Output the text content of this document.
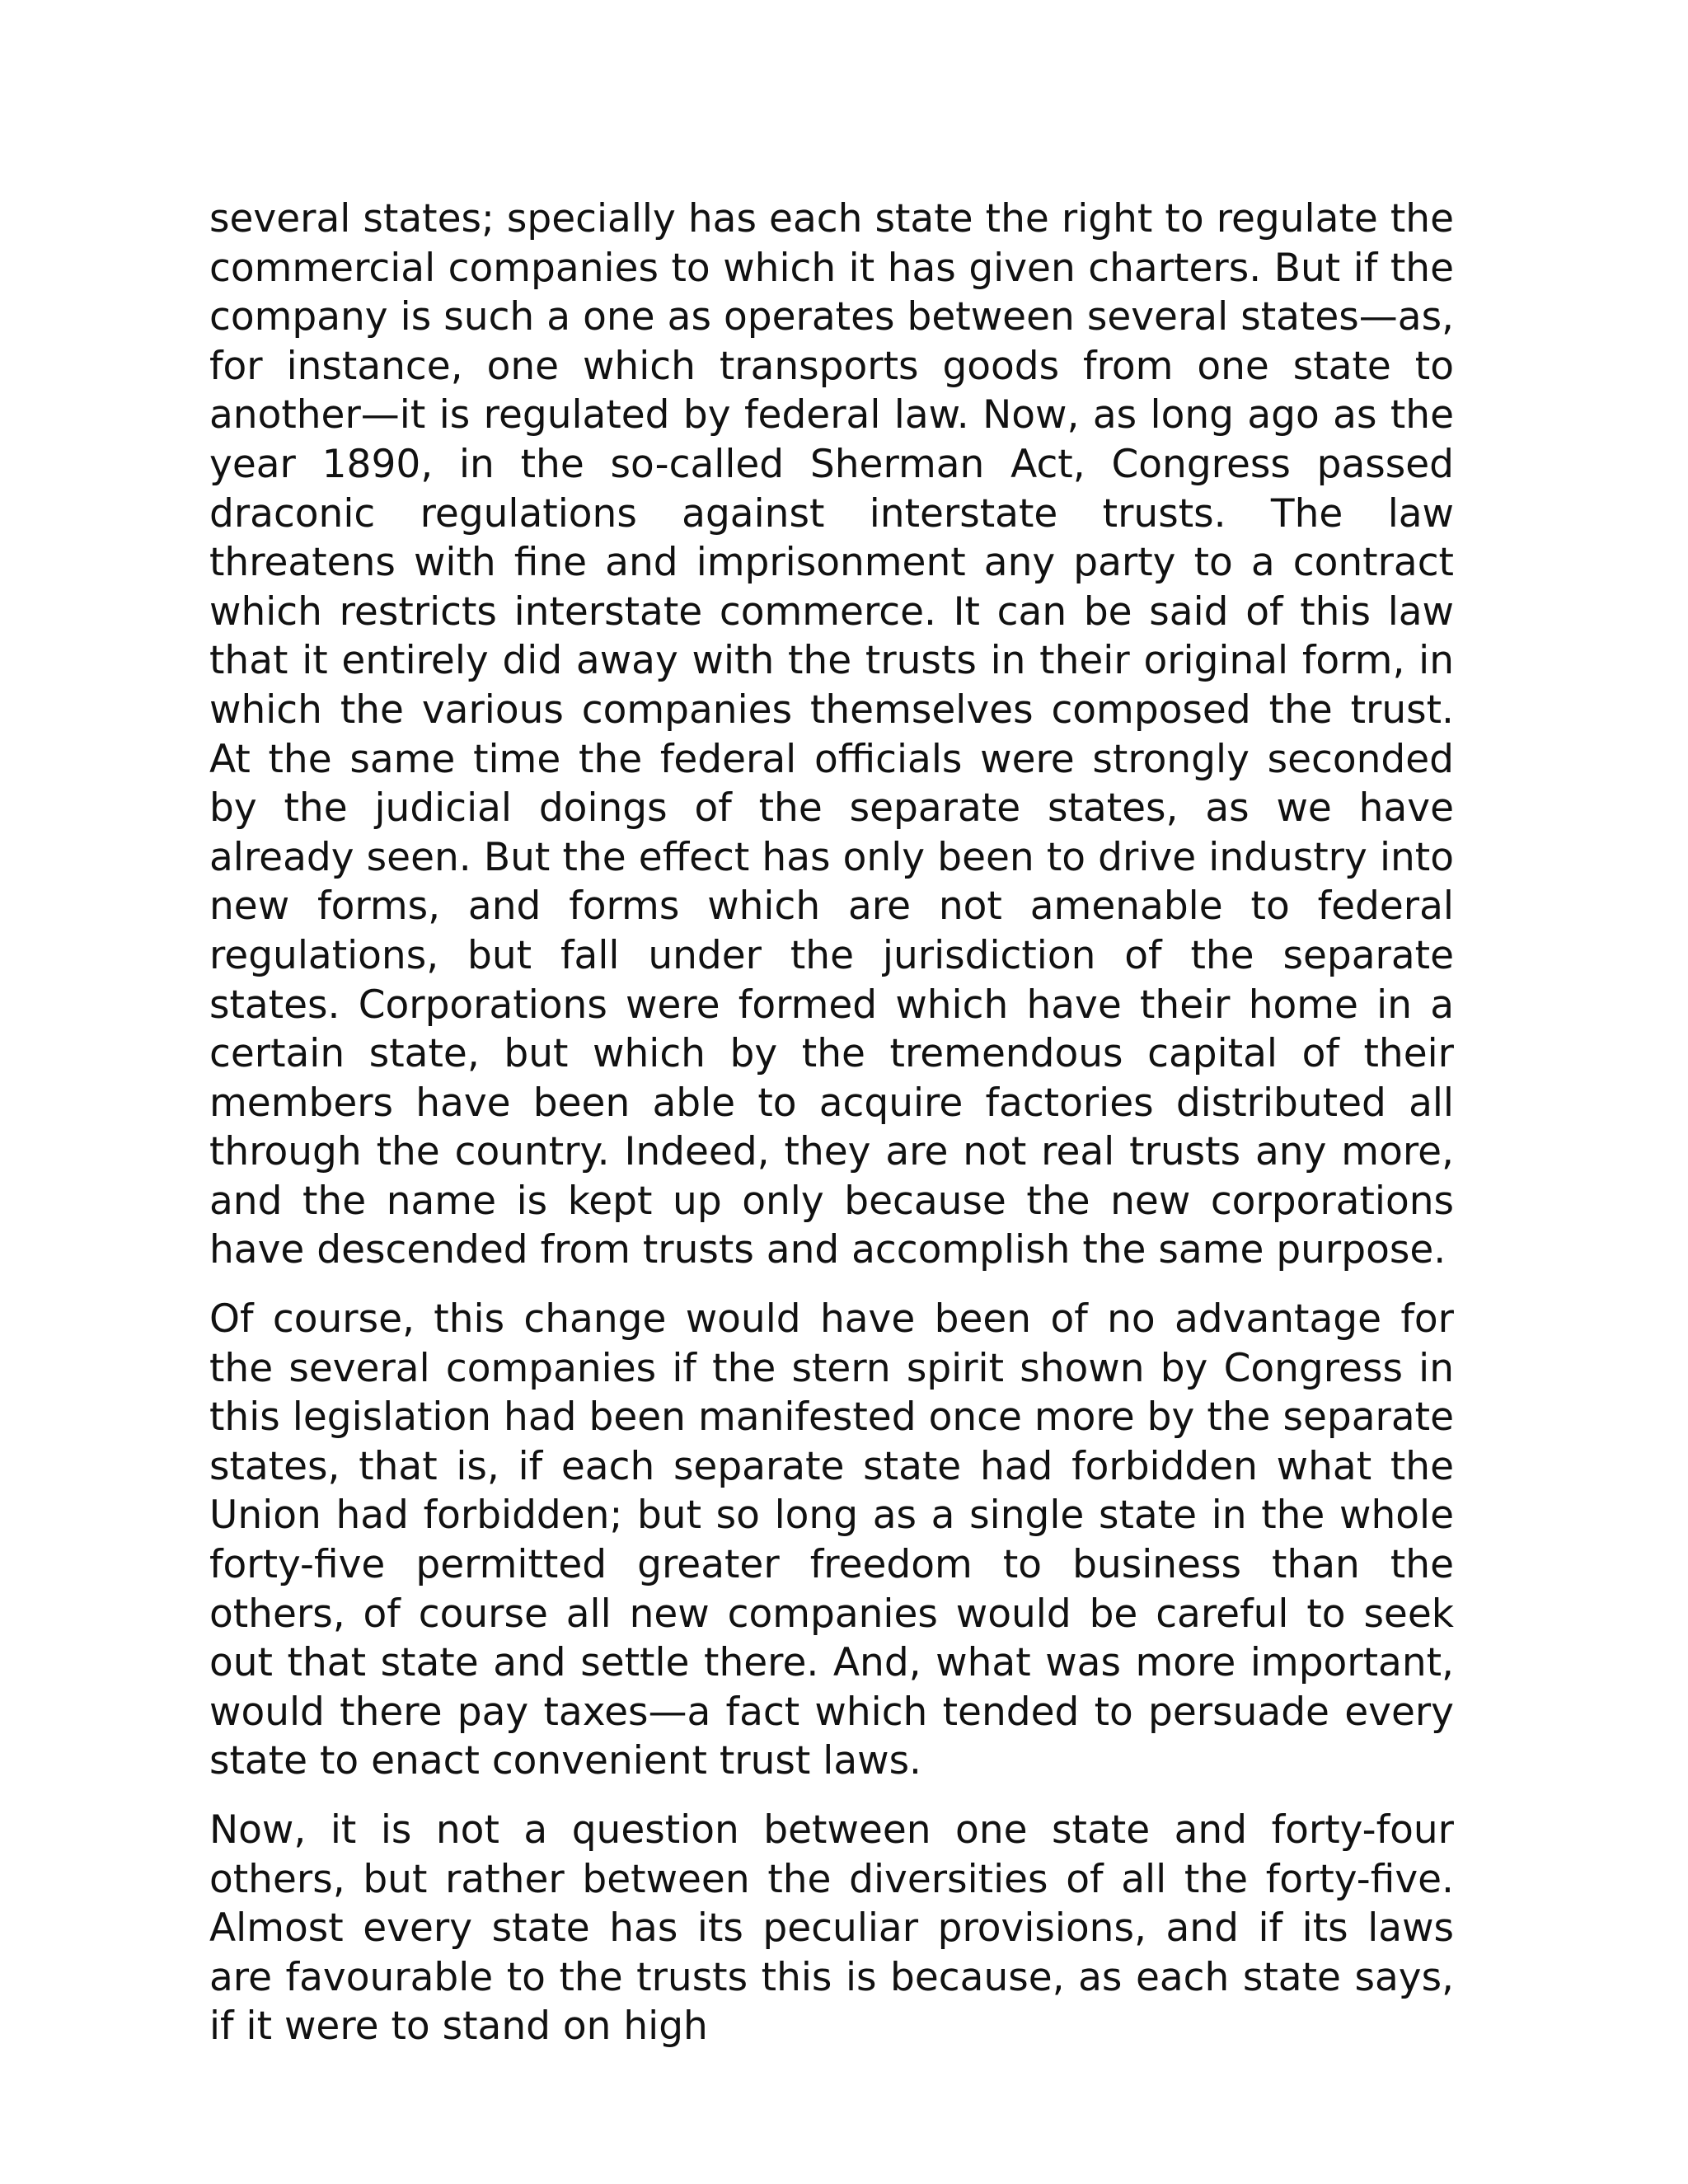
several states; specially has each state the right to regulate the commercial companies to which it has given charters. But if the company is such a one as operates between several states—as, for instance, one which transports goods from one state to another—it is regulated by federal law. Now, as long ago as the year 1890, in the so-called Sherman Act, Congress passed draconic regulations against interstate trusts. The law threatens with fine and imprisonment any party to a contract which restricts interstate commerce. It can be said of this law that it entirely did away with the trusts in their original form, in which the various companies themselves composed the trust. At the same time the federal officials were strongly seconded by the judicial doings of the separate states, as we have already seen. But the effect has only been to drive industry into new forms, and forms which are not amenable to federal regulations, but fall under the jurisdiction of the separate states. Corporations were formed which have their home in a certain state, but which by the tremendous capital of their members have been able to acquire factories distributed all through the country. Indeed, they are not real trusts any more, and the name is kept up only because the new corporations have descended from trusts and accomplish the same purpose.

Of course, this change would have been of no advantage for the several companies if the stern spirit shown by Congress in this legislation had been manifested once more by the separate states, that is, if each separate state had forbidden what the Union had forbidden; but so long as a single state in the whole forty-five permitted greater freedom to business than the others, of course all new companies would be careful to seek out that state and settle there. And, what was more important, would there pay taxes—a fact which tended to persuade every state to enact convenient trust laws.

Now, it is not a question between one state and forty-four others, but rather between the diversities of all the forty-five. Almost every state has its peculiar provisions, and if its laws are favourable to the trusts this is because, as each state says, if it were to stand on high
